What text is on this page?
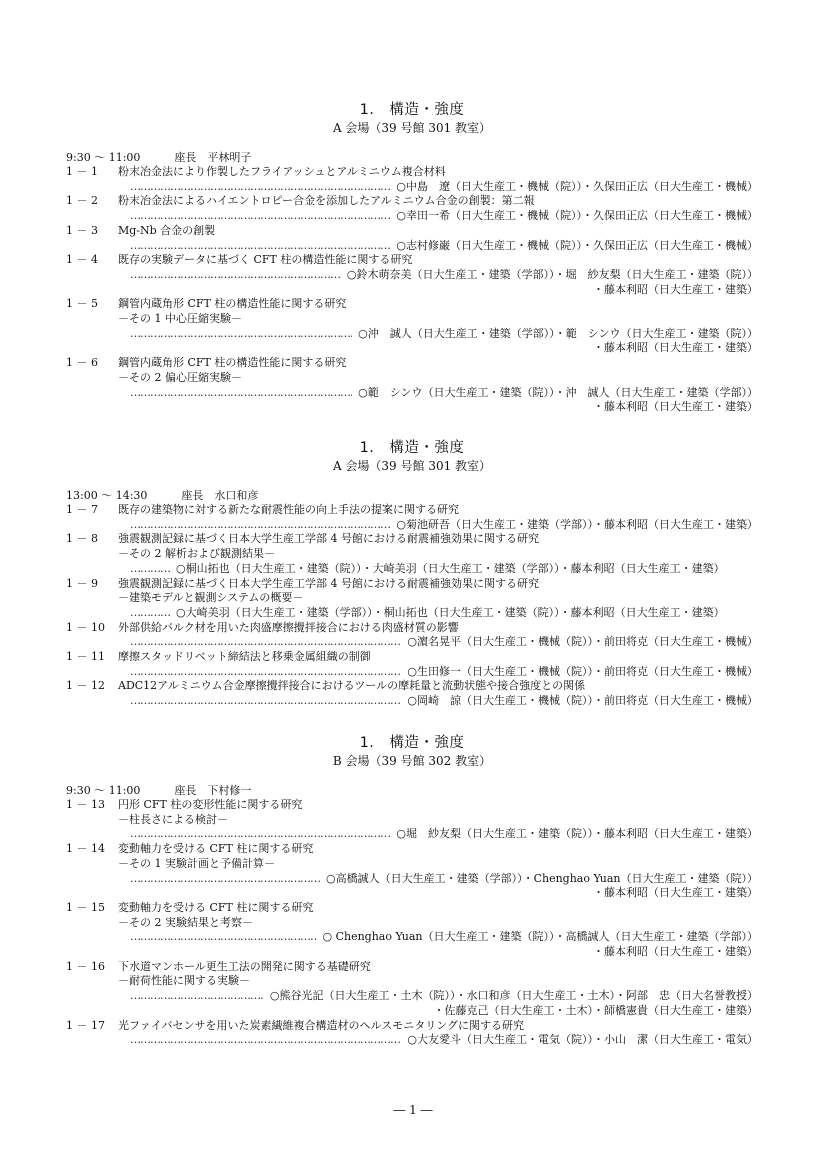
1.　構造・強度
A 会場（39 号館 301 教室）
9:30 ～ 11:00	座長　平林明子
1 － 1	粉末冶金法により作製したフライアッシュとアルミニウム複合材料
…………………………………………………………………………………………………………………………………………………………………………
○中島　遼（日大生産工・機械（院））・久保田正広（日大生産工・機械）
1 － 2	粉末冶金法によるハイエントロピー合金を添加したアルミニウム合金の創製：第二報
…………………………………………………………………………………………………………………………………………………………………………
○幸田一希（日大生産工・機械（院））・久保田正広（日大生産工・機械）
1 － 3	Mg-Nb 合金の創製
…………………………………………………………………………………………………………………………………………………………………………
○志村修巌（日大生産工・機械（院））・久保田正広（日大生産工・機械）
1 － 4	既存の実験データに基づく CFT 柱の構造性能に関する研究
…………………………………………………………………………………………………………………………………………………………………………
○鈴木萌奈美（日大生産工・建築（学部））・堀　紗友梨（日大生産工・建築（院））
・藤本利昭（日大生産工・建築）
1 － 5	鋼管内蔵角形 CFT 柱の構造性能に関する研究
－その 1 中心圧縮実験－
…………………………………………………………………………………………………………………………………………………………………………
○沖　誠人（日大生産工・建築（学部））・範　シンウ（日大生産工・建築（院））
・藤本利昭（日大生産工・建築）
1 － 6	鋼管内蔵角形 CFT 柱の構造性能に関する研究
－その 2 偏心圧縮実験－
…………………………………………………………………………………………………………………………………………………………………………
○範　シンウ（日大生産工・建築（院））・沖　誠人（日大生産工・建築（学部））
・藤本利昭（日大生産工・建築）
1.　構造・強度
A 会場（39 号館 301 教室）
13:00 ～ 14:30	座長　水口和彦
1 － 7	既存の建築物に対する新たな耐震性能の向上手法の提案に関する研究
…………………………………………………………………………………………………………………………………………………………………………
○菊池研吾（日大生産工・建築（学部））・藤本利昭（日大生産工・建築）
1 － 8	強震観測記録に基づく日本大学生産工学部 4 号館における耐震補強効果に関する研究
－その 2 解析および観測結果－
…………………………………………………………………………………………………………………………………………………………………………
○桐山拓也（日大生産工・建築（院））・大崎美羽（日大生産工・建築（学部））・藤本利昭（日大生産工・建築）
1 － 9	強震観測記録に基づく日本大学生産工学部 4 号館における耐震補強効果に関する研究
－建築モデルと観測システムの概要－
…………………………………………………………………………………………………………………………………………………………………………
○大崎美羽（日大生産工・建築（学部））・桐山拓也（日大生産工・建築（院））・藤本利昭（日大生産工・建築）
1 － 10	外部供給バルク材を用いた肉盛摩擦攪拌接合における肉盛材質の影響
…………………………………………………………………………………………………………………………………………………………………………
○濵名晃平（日大生産工・機械（院））・前田将克（日大生産工・機械）
1 － 11	摩擦スタッドリベット締結法と移乗金属組織の制御
…………………………………………………………………………………………………………………………………………………………………………
○生田修一（日大生産工・機械（院））・前田将克（日大生産工・機械）
1 － 12	ADC12アルミニウム合金摩擦攪拌接合におけるツールの摩耗量と流動状態や接合強度との関係
…………………………………………………………………………………………………………………………………………………………………………
○岡崎　諒（日大生産工・機械（院））・前田将克（日大生産工・機械）
1.　構造・強度
B 会場（39 号館 302 教室）
9:30 ～ 11:00	座長　下村修一
1 － 13	円形 CFT 柱の変形性能に関する研究
－柱長さによる検討－
…………………………………………………………………………………………………………………………………………………………………………
○堀　紗友梨（日大生産工・建築（院））・藤本利昭（日大生産工・建築）
1 － 14	変動軸力を受ける CFT 柱に関する研究
－その 1 実験計画と予備計算－
…………………………………………………………………………………………………………………………………………………………………………
○高橋誠人（日大生産工・建築（学部））・Chenghao Yuan（日大生産工・建築（院））
・藤本利昭（日大生産工・建築）
1 － 15	変動軸力を受ける CFT 柱に関する研究
－その 2 実験結果と考察－
…………………………………………………………………………………………………………………………………………………………………………
○ Chenghao Yuan（日大生産工・建築（院））・高橋誠人（日大生産工・建築（学部））
・藤本利昭（日大生産工・建築）
1 － 16	下水道マンホール更生工法の開発に関する基礎研究
－耐荷性能に関する実験－
…………………………………………………………………………………………………………………………………………………………………………
○熊谷光記（日大生産工・土木（院））・水口和彦（日大生産工・土木）・阿部　忠（日大名誉教授）
・佐藤克己（日大生産工・土木）・師橋憲貴（日大生産工・建築）
1 － 17	光ファイバセンサを用いた炭素繊維複合構造材のヘルスモニタリングに関する研究
…………………………………………………………………………………………………………………………………………………………………………
○大友愛斗（日大生産工・電気（院））・小山　潔（日大生産工・電気）
― 1 ―
